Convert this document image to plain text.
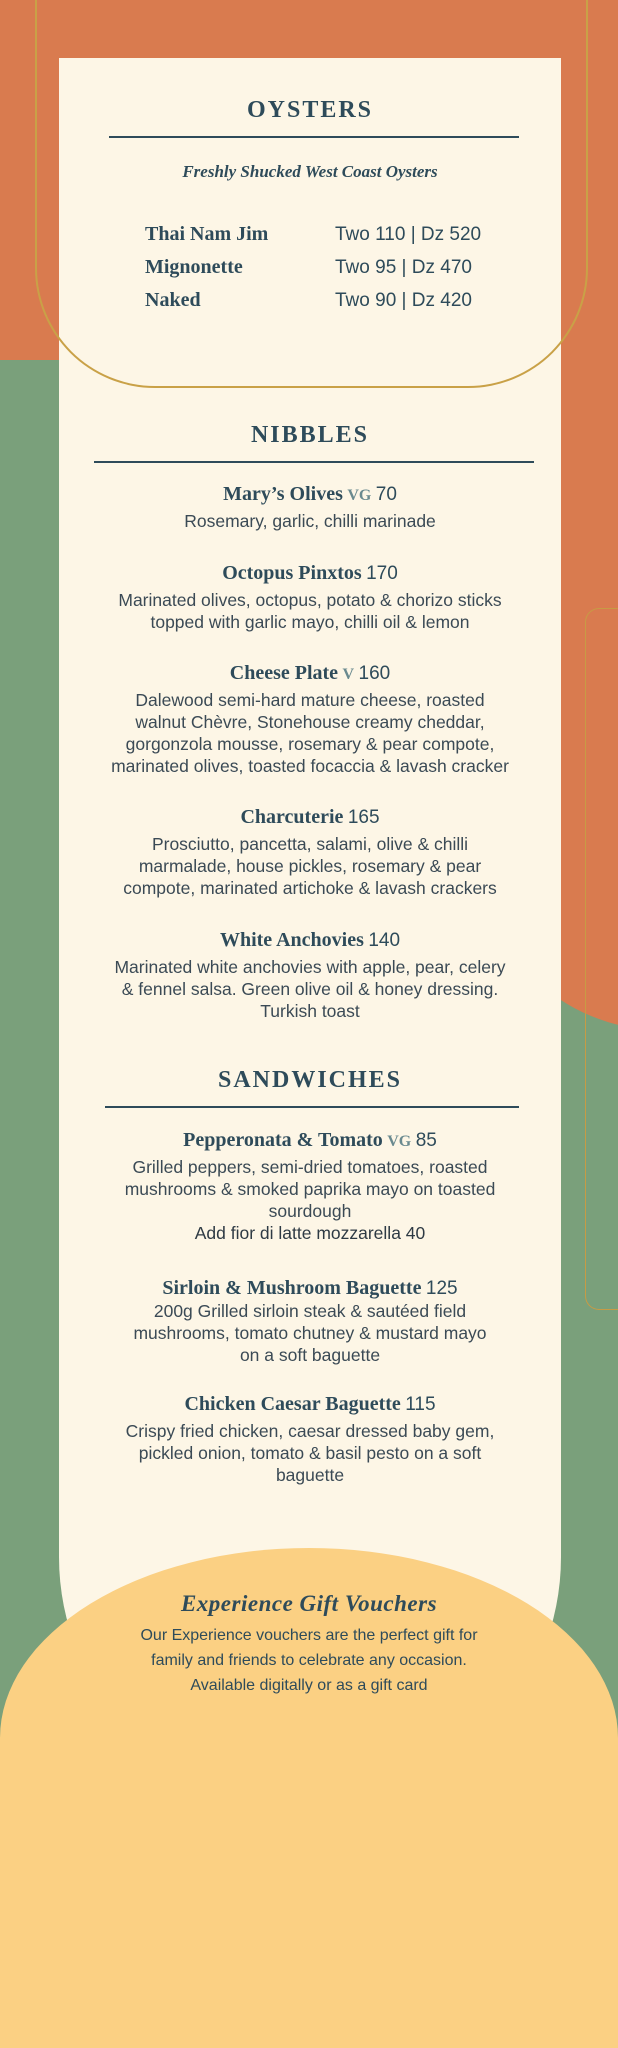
OYSTERS
Freshly Shucked West Coast Oysters
Thai Nam Jim	Two 110 | Dz 520
Mignonette	Two 95 | Dz 470
Naked	Two 90 | Dz 420
NIBBLES
Mary’s Olives VG 70
Rosemary, garlic, chilli marinade
Octopus Pinxtos 170
Marinated olives, octopus, potato & chorizo sticks
topped with garlic mayo, chilli oil & lemon
Cheese Plate V 160
Dalewood semi-hard mature cheese, roasted
walnut Chèvre, Stonehouse creamy cheddar,
gorgonzola mousse, rosemary & pear compote,
marinated olives, toasted focaccia & lavash cracker
Charcuterie 165
Prosciutto, pancetta, salami, olive & chilli
marmalade, house pickles, rosemary & pear
compote, marinated artichoke & lavash crackers
White Anchovies 140
Marinated white anchovies with apple, pear, celery
& fennel salsa. Green olive oil & honey dressing.
Turkish toast
SANDWICHES
Pepperonata & Tomato VG 85
Grilled peppers, semi-dried tomatoes, roasted
mushrooms & smoked paprika mayo on toasted
sourdough
Add fior di latte mozzarella 40
Sirloin & Mushroom Baguette 125
200g Grilled sirloin steak & sautéed field
mushrooms, tomato chutney & mustard mayo
on a soft baguette
Chicken Caesar Baguette 115
Crispy fried chicken, caesar dressed baby gem,
pickled onion, tomato & basil pesto on a soft
baguette
Experience Gift Vouchers
Our Experience vouchers are the perfect gift for
family and friends to celebrate any occasion.
Available digitally or as a gift card
